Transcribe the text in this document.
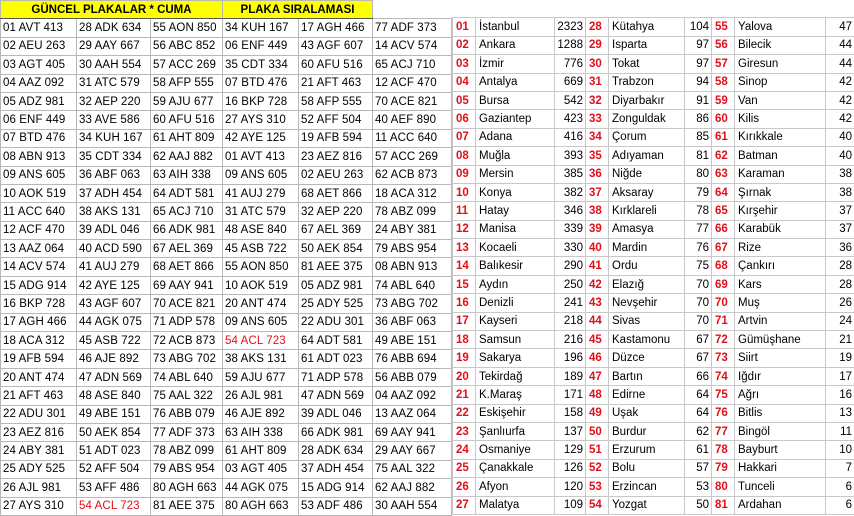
GÜNCEL PLAKALAR * CUMA			PLAKA SIRALAMASI		
01 AVT 413	28 ADK 634	55 AON 850	34 KUH 167	17 AGH 466	77 ADF 373
02 AEU 263	29 AAY 667	56 ABC 852	06 ENF 449	43 AGF 607	14 ACV 574
03 AGT 405	30 AAH 554	57 ACC 269	35 CDT 334	60 AFU 516	65 ACJ 710
04 AAZ 092	31 ATC 579	58 AFP 555	07 BTD 476	21 AFT 463	12 ACF 470
05 ADZ 981	32 AEP 220	59 AJU 677	16 BKP 728	58 AFP 555	70 ACE 821
06 ENF 449	33 AVE 586	60 AFU 516	27 AYS 310	52 AFF 504	40 AEF 890
07 BTD 476	34 KUH 167	61 AHT 809	42 AYE 125	19 AFB 594	11 ACC 640
08 ABN 913	35 CDT 334	62 AAJ 882	01 AVT 413	23 AEZ 816	57 ACC 269
09 ANS 605	36 ABF 063	63 AIH 338	09 ANS 605	02 AEU 263	62 ACB 873
10 AOK 519	37 ADH 454	64 ADT 581	41 AUJ 279	68 AET 866	18 ACA 312
11 ACC 640	38 AKS 131	65 ACJ 710	31 ATC 579	32 AEP 220	78 ABZ 099
12 ACF 470	39 ADL 046	66 ADK 981	48 ASE 840	67 AEL 369	24 ABY 381
13 AAZ 064	40 ACD 590	67 AEL 369	45 ASB 722	50 AEK 854	79 ABS 954
14 ACV 574	41 AUJ 279	68 AET 866	55 AON 850	81 AEE 375	08 ABN 913
15 ADG 914	42 AYE 125	69 AAY 941	10 AOK 519	05 ADZ 981	74 ABL 640
16 BKP 728	43 AGF 607	70 ACE 821	20 ANT 474	25 ADY 525	73 ABG 702
17 AGH 466	44 AGK 075	71 ADP 578	09 ANS 605	22 ADU 301	36 ABF 063
18 ACA 312	45 ASB 722	72 ACB 873	54 ACL 723	64 ADT 581	49 ABE 151
19 AFB 594	46 AJE 892	73 ABG 702	38 AKS 131	61 ADT 023	76 ABB 694
20 ANT 474	47 ADN 569	74 ABL 640	59 AJU 677	71 ADP 578	56 ABB 079
21 AFT 463	48 ASE 840	75 AAL 322	26 AJL 981	47 ADN 569	04 AAZ 092
22 ADU 301	49 ABE 151	76 ABB 079	46 AJE 892	39 ADL 046	13 AAZ 064
23 AEZ 816	50 AEK 854	77 ADF 373	63 AIH 338	66 ADK 981	69 AAY 941
24 ABY 381	51 ADT 023	78 ABZ 099	61 AHT 809	28 ADK 634	29 AAY 667
25 ADY 525	52 AFF 504	79 ABS 954	03 AGT 405	37 ADH 454	75 AAL 322
26 AJL 981	53 AFF 486	80 AGH 663	44 AGK 075	15 ADG 914	62 AAJ 882
27 AYS 310	54 ACL 723	81 AEE 375	80 AGH 663	53 ADF 486	30 AAH 554

01	İstanbul	2323	28	Kütahya	104	55	Yalova	47
02	Ankara	1288	29	Isparta	97	56	Bilecik	44
03	İzmir	776	30	Tokat	97	57	Giresun	44
04	Antalya	669	31	Trabzon	94	58	Sinop	42
05	Bursa	542	32	Diyarbakır	91	59	Van	42
06	Gaziantep	423	33	Zonguldak	86	60	Kilis	42
07	Adana	416	34	Çorum	85	61	Kırıkkale	40
08	Muğla	393	35	Adıyaman	81	62	Batman	40
09	Mersin	385	36	Niğde	80	63	Karaman	38
10	Konya	382	37	Aksaray	79	64	Şırnak	38
11	Hatay	346	38	Kırklareli	78	65	Kırşehir	37
12	Manisa	339	39	Amasya	77	66	Karabük	37
13	Kocaeli	330	40	Mardin	76	67	Rize	36
14	Balıkesir	290	41	Ordu	75	68	Çankırı	28
15	Aydın	250	42	Elazığ	70	69	Kars	28
16	Denizli	241	43	Nevşehir	70	70	Muş	26
17	Kayseri	218	44	Sivas	70	71	Artvin	24
18	Samsun	216	45	Kastamonu	67	72	Gümüşhane	21
19	Sakarya	196	46	Düzce	67	73	Siirt	19
20	Tekirdağ	189	47	Bartın	66	74	Iğdır	17
21	K.Maraş	171	48	Edirne	64	75	Ağrı	16
22	Eskişehir	158	49	Uşak	64	76	Bitlis	13
23	Şanlıurfa	137	50	Burdur	62	77	Bingöl	11
24	Osmaniye	129	51	Erzurum	61	78	Bayburt	10
25	Çanakkale	126	52	Bolu	57	79	Hakkari	7
26	Afyon	120	53	Erzincan	53	80	Tunceli	6
27	Malatya	109	54	Yozgat	50	81	Ardahan	6
